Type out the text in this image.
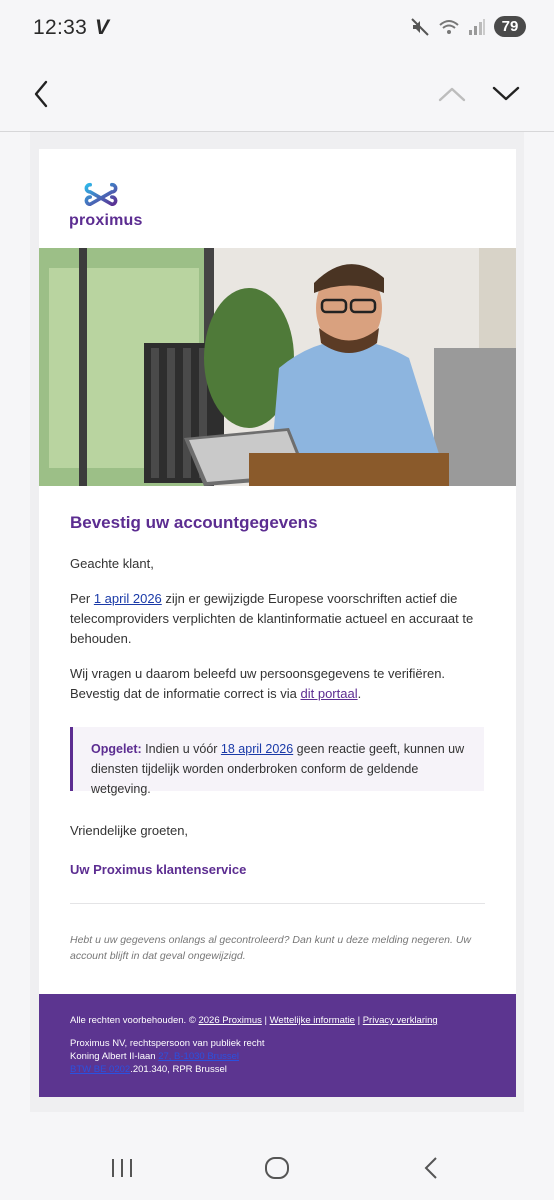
12:33 V	79
proximus
Bevestig uw accountgegevens
Geachte klant,
Per 1 april 2026 zijn er gewijzigde Europese voorschriften actief die telecomproviders verplichten de klantinformatie actueel en accuraat te behouden.
Wij vragen u daarom beleefd uw persoonsgegevens te verifiëren. Bevestig dat de informatie correct is via dit portaal.
Opgelet: Indien u vóór 18 april 2026 geen reactie geeft, kunnen uw diensten tijdelijk worden onderbroken conform de geldende wetgeving.
Vriendelijke groeten,
Uw Proximus klantenservice
Hebt u uw gegevens onlangs al gecontroleerd? Dan kunt u deze melding negeren. Uw account blijft in dat geval ongewijzigd.
Alle rechten voorbehouden. © 2026 Proximus | Wettelijke informatie | Privacy verklaring
Proximus NV, rechtspersoon van publiek recht
Koning Albert II-laan 27, B-1030 Brussel
BTW BE 0202.201.340, RPR Brussel
